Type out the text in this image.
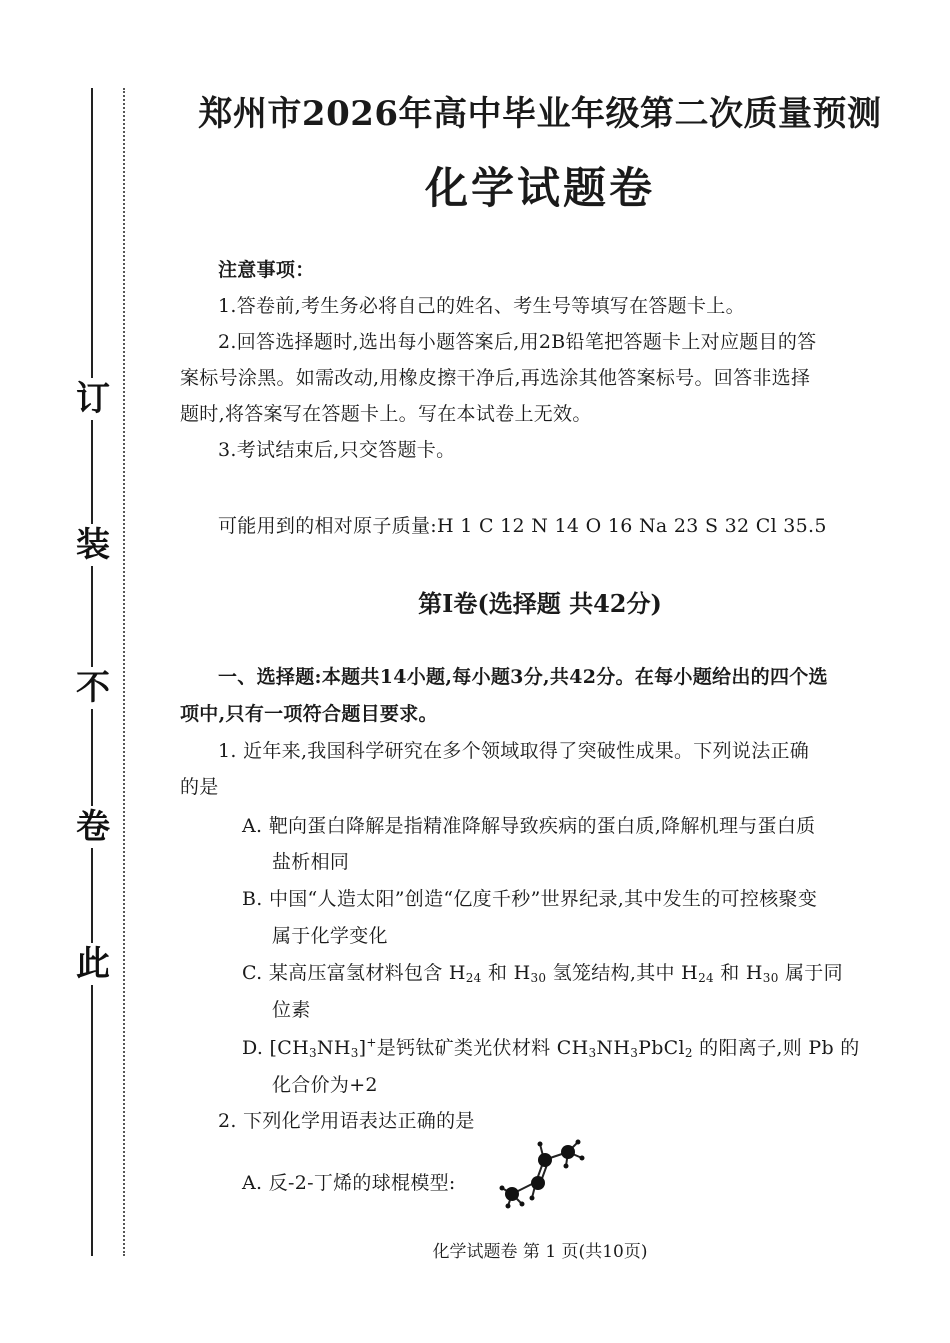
订
装
不
卷
此
郑州市2026年高中毕业年级第二次质量预测
化学试题卷
注意事项：
1.答卷前,考生务必将自己的姓名、考生号等填写在答题卡上。
2.回答选择题时,选出每小题答案后,用2B铅笔把答题卡上对应题目的答
案标号涂黑。如需改动,用橡皮擦干净后,再选涂其他答案标号。回答非选择
题时,将答案写在答题卡上。写在本试卷上无效。
3.考试结束后,只交答题卡。
可能用到的相对原子质量:H 1 C 12 N 14 O 16 Na 23 S 32 Cl 35.5
第Ⅰ卷(选择题 共42分)
一、选择题:本题共14小题,每小题3分,共42分。在每小题给出的四个选
项中,只有一项符合题目要求。
1. 近年来,我国科学研究在多个领域取得了突破性成果。下列说法正确
的是
A. 靶向蛋白降解是指精准降解导致疾病的蛋白质,降解机理与蛋白质
盐析相同
B. 中国“人造太阳”创造“亿度千秒”世界纪录,其中发生的可控核聚变
属于化学变化
C. 某高压富氢材料包含 $H_{24}$ 和 $H_{30}$ 氢笼结构,其中 $H_{24}$ 和 $H_{30}$ 属于同
位素
D. $[CH_3NH_3]^+$是钙钛矿类光伏材料 $CH_3NH_3PbCl_2$ 的阳离子,则 Pb 的
化合价为+2
2. 下列化学用语表达正确的是
A. 反-2-丁烯的球棍模型:
化学试题卷 第 1 页(共10页)
